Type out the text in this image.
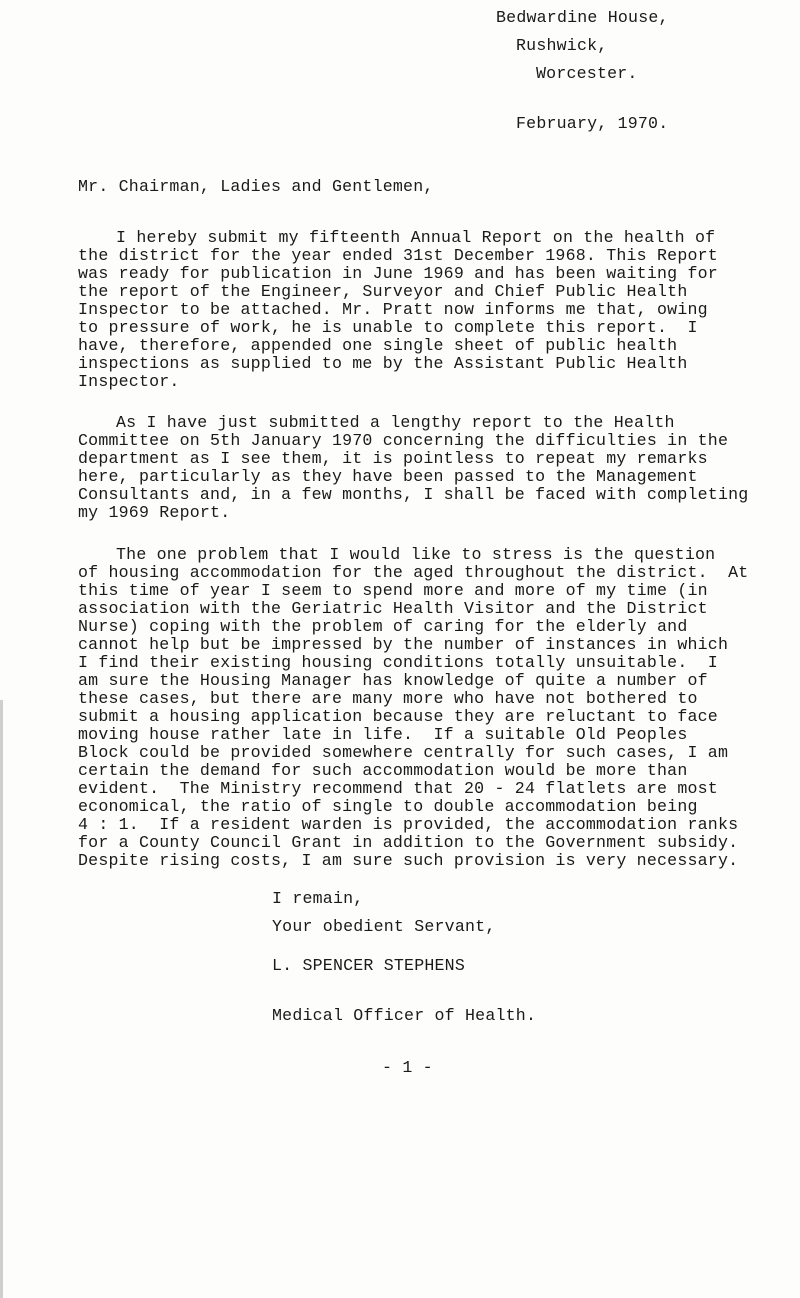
Bedwardine House,
Rushwick,
Worcester.
February, 1970.
Mr. Chairman, Ladies and Gentlemen,
I hereby submit my fifteenth Annual Report on the health of
the district for the year ended 31st December 1968. This Report
was ready for publication in June 1969 and has been waiting for
the report of the Engineer, Surveyor and Chief Public Health
Inspector to be attached. Mr. Pratt now informs me that, owing
to pressure of work, he is unable to complete this report.  I
have, therefore, appended one single sheet of public health
inspections as supplied to me by the Assistant Public Health
Inspector.
As I have just submitted a lengthy report to the Health
Committee on 5th January 1970 concerning the difficulties in the
department as I see them, it is pointless to repeat my remarks
here, particularly as they have been passed to the Management
Consultants and, in a few months, I shall be faced with completing
my 1969 Report.
The one problem that I would like to stress is the question
of housing accommodation for the aged throughout the district.  At
this time of year I seem to spend more and more of my time (in
association with the Geriatric Health Visitor and the District
Nurse) coping with the problem of caring for the elderly and
cannot help but be impressed by the number of instances in which
I find their existing housing conditions totally unsuitable.  I
am sure the Housing Manager has knowledge of quite a number of
these cases, but there are many more who have not bothered to
submit a housing application because they are reluctant to face
moving house rather late in life.  If a suitable Old Peoples
Block could be provided somewhere centrally for such cases, I am
certain the demand for such accommodation would be more than
evident.  The Ministry recommend that 20 - 24 flatlets are most
economical, the ratio of single to double accommodation being
4 : 1.  If a resident warden is provided, the accommodation ranks
for a County Council Grant in addition to the Government subsidy.
Despite rising costs, I am sure such provision is very necessary.
I remain,
Your obedient Servant,
L. SPENCER STEPHENS
Medical Officer of Health.
- 1 -
